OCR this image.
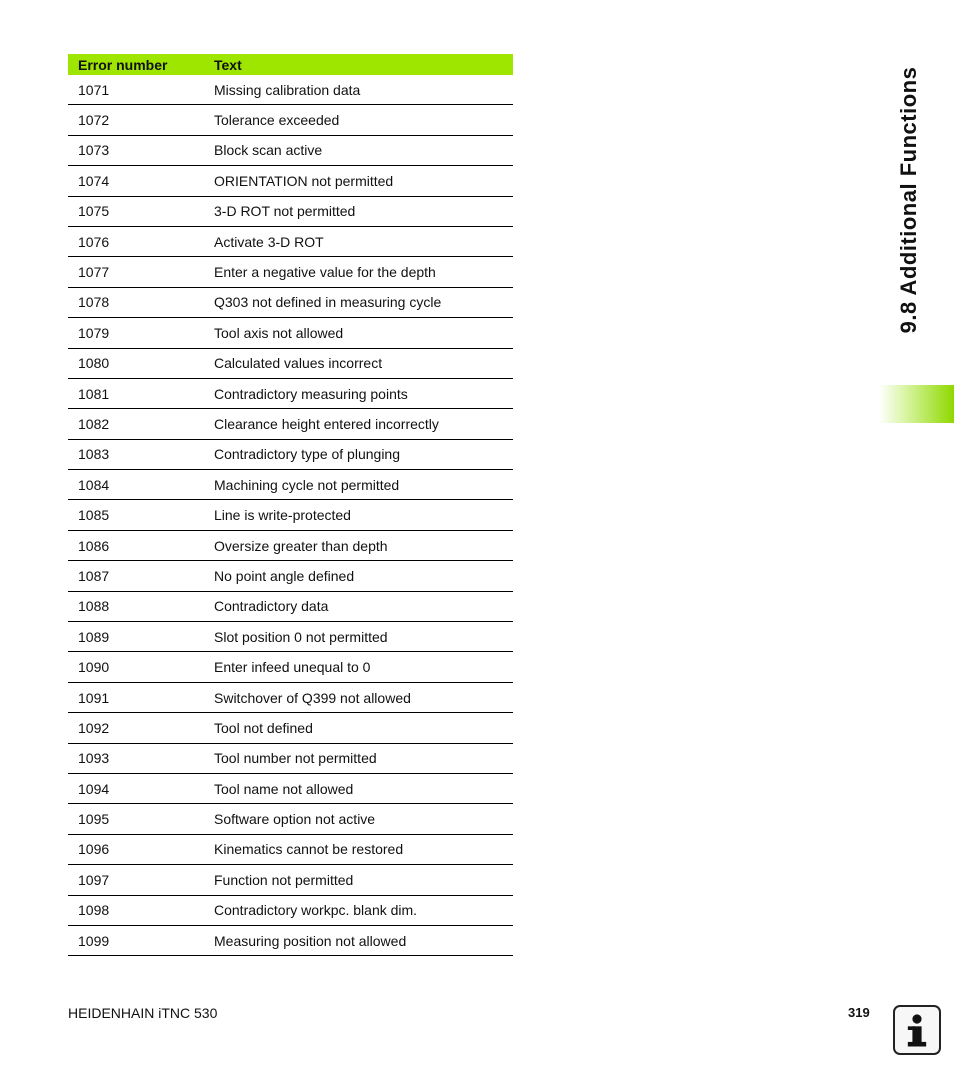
Error number	Text
1071	Missing calibration data
1072	Tolerance exceeded
1073	Block scan active
1074	ORIENTATION not permitted
1075	3-D ROT not permitted
1076	Activate 3-D ROT
1077	Enter a negative value for the depth
1078	Q303 not defined in measuring cycle
1079	Tool axis not allowed
1080	Calculated values incorrect
1081	Contradictory measuring points
1082	Clearance height entered incorrectly
1083	Contradictory type of plunging
1084	Machining cycle not permitted
1085	Line is write-protected
1086	Oversize greater than depth
1087	No point angle defined
1088	Contradictory data
1089	Slot position 0 not permitted
1090	Enter infeed unequal to 0
1091	Switchover of Q399 not allowed
1092	Tool not defined
1093	Tool number not permitted
1094	Tool name not allowed
1095	Software option not active
1096	Kinematics cannot be restored
1097	Function not permitted
1098	Contradictory workpc. blank dim.
1099	Measuring position not allowed
9.8 Additional Functions
HEIDENHAIN iTNC 530	319
